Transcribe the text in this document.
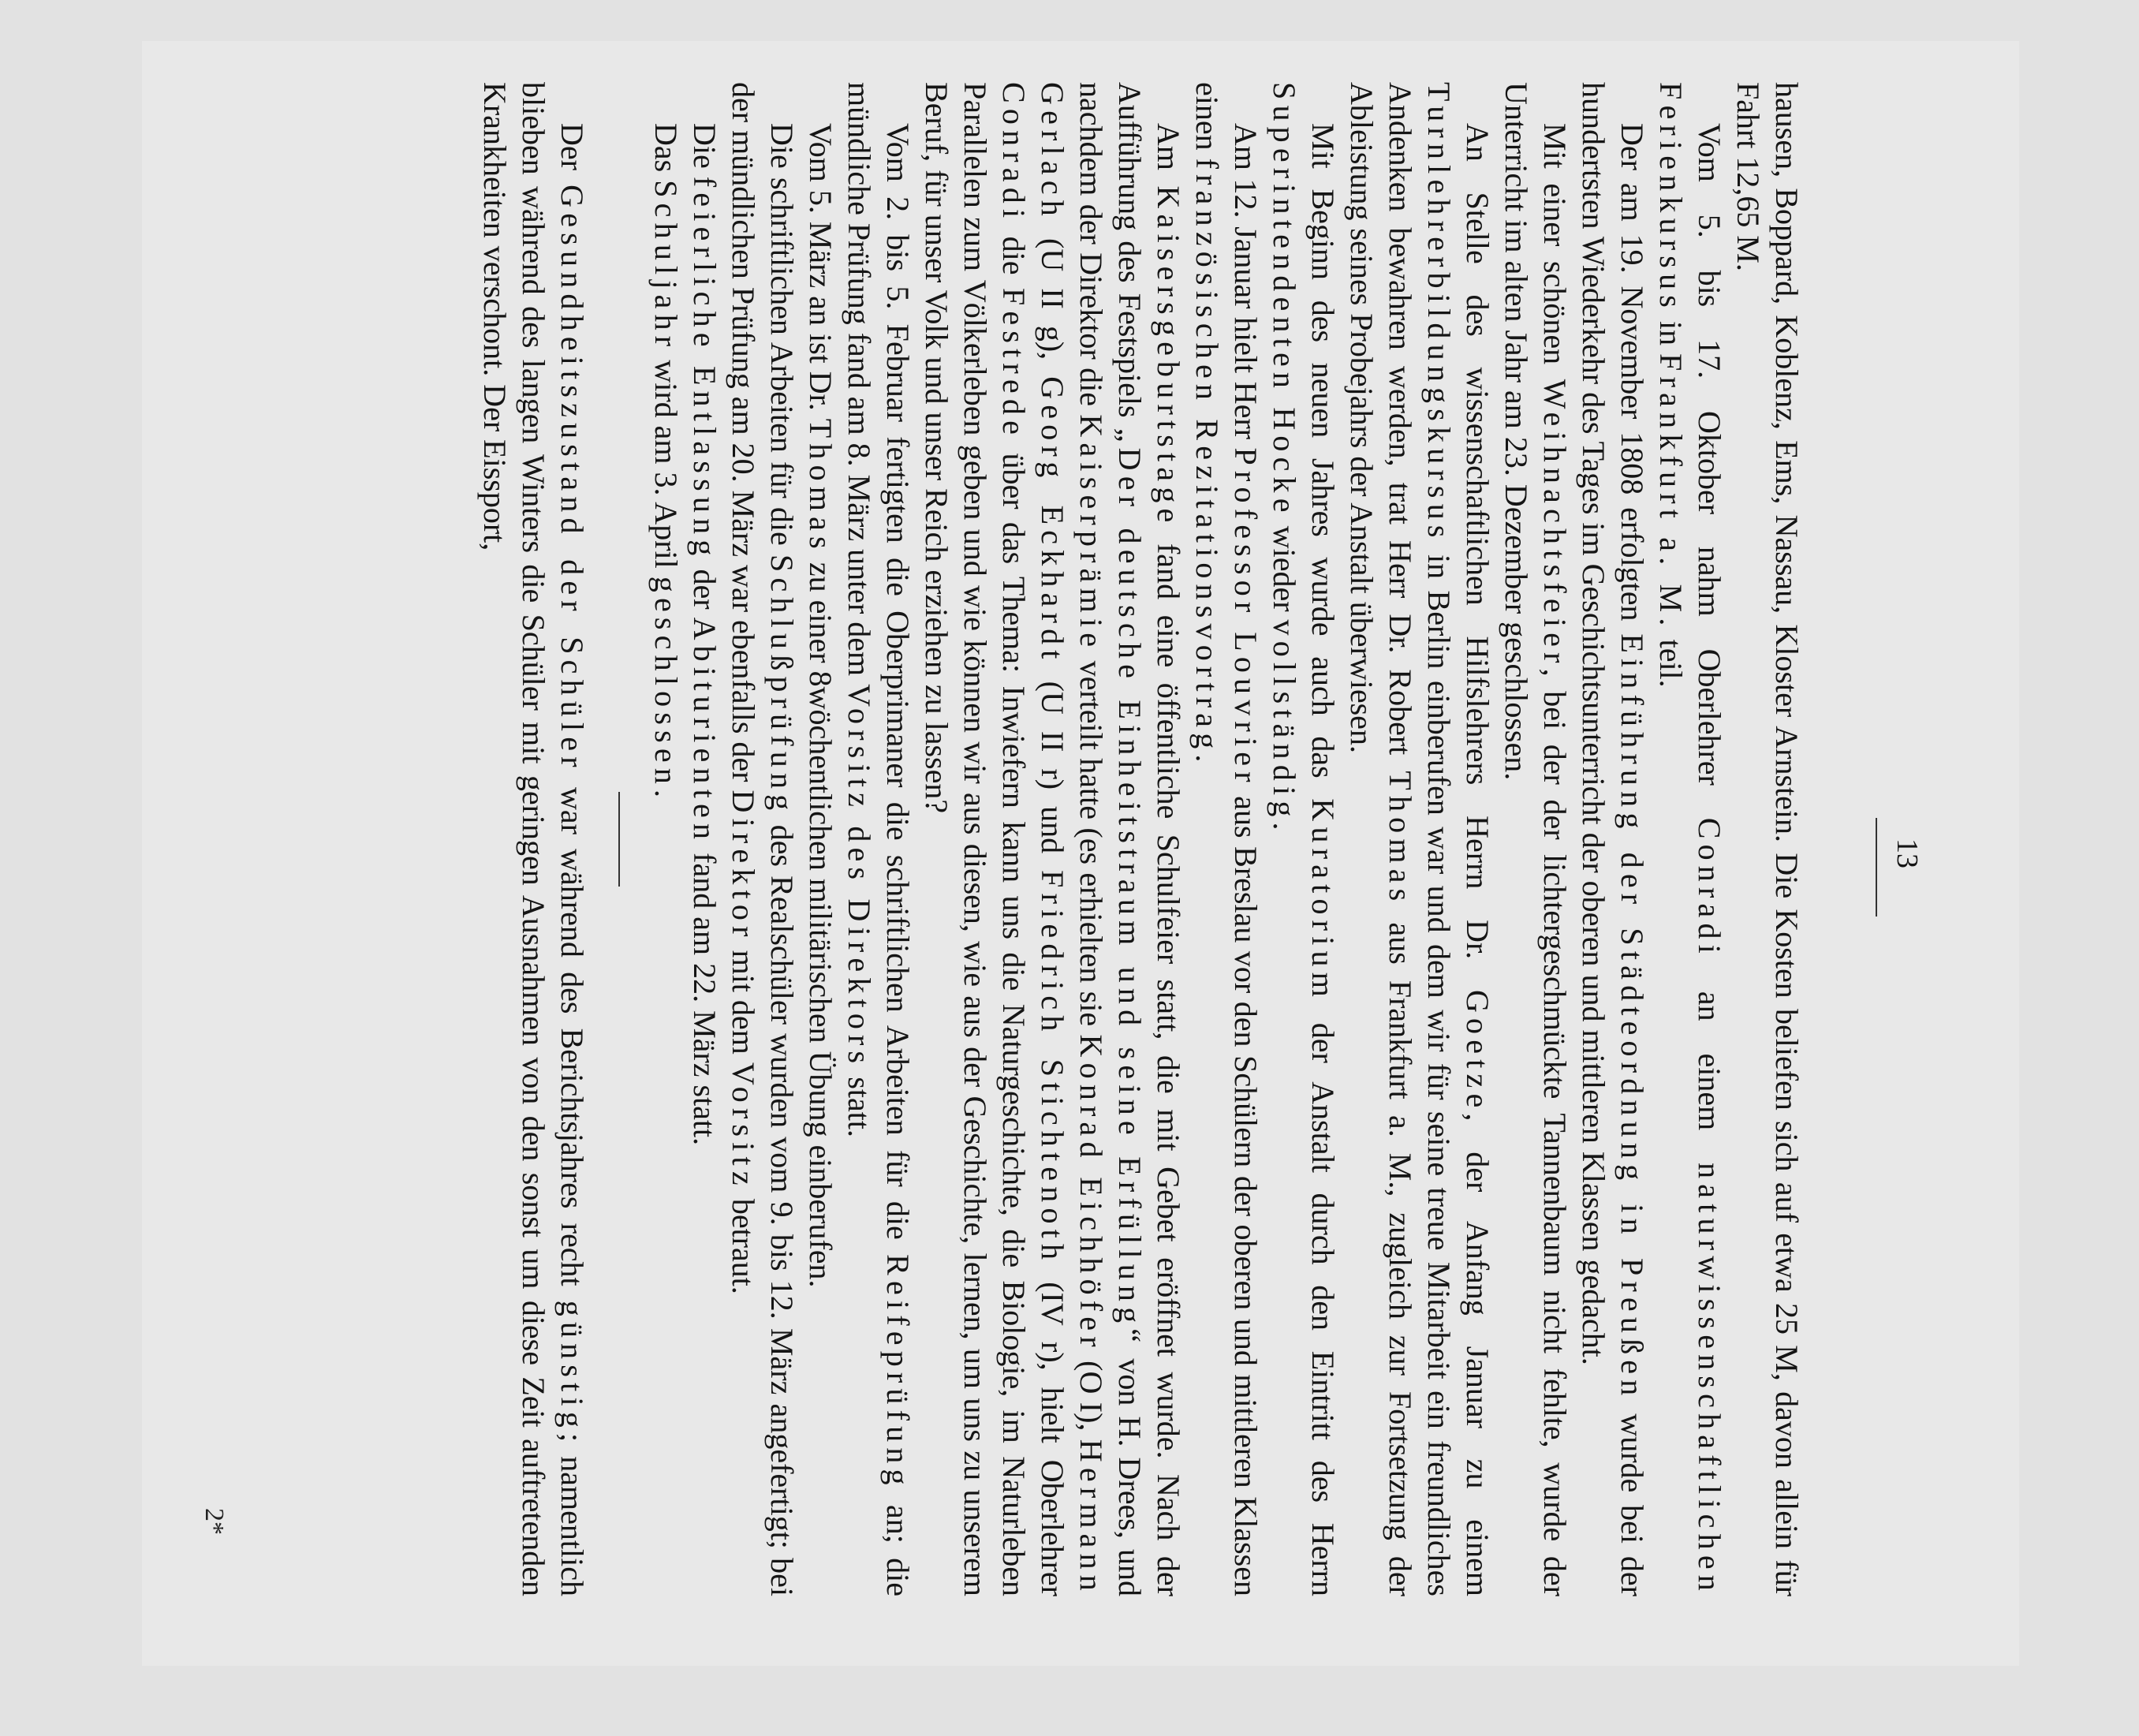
13

hausen, Boppard, Koblenz, Ems, Nassau, Kloster Arnstein. Die Kosten beliefen sich auf etwa 25 M, davon allein für Fahrt 12,65 M.

Vom 5. bis 17. Oktober nahm Oberlehrer Conradi an einem naturwissenschaftlichen Ferienkursus in Frankfurt a. M. teil.

Der am 19. November 1808 erfolgten Einführung der Städteordnung in Preußen wurde bei der hundertsten Wiederkehr des Tages im Geschichtsunterricht der oberen und mittleren Klassen gedacht.

Mit einer schönen Weihnachtsfeier, bei der der lichtergeschmückte Tannenbaum nicht fehlte, wurde der Unterricht im alten Jahr am 23. Dezember geschlossen.

An Stelle des wissenschaftlichen Hilfslehrers Herrn Dr. Goetze, der Anfang Januar zu einem Turnlehrerbildungskursus in Berlin einberufen war und dem wir für seine treue Mitarbeit ein freundliches Andenken bewahren werden, trat Herr Dr. Robert Thomas aus Frankfurt a. M., zugleich zur Fortsetzung der Ableistung seines Probejahrs der Anstalt überwiesen.

Mit Beginn des neuen Jahres wurde auch das Kuratorium der Anstalt durch den Eintritt des Herrn Superintendenten Hocke wieder vollständig.

Am 12. Januar hielt Herr Professor Louvrier aus Breslau vor den Schülern der oberen und mittleren Klassen einen französischen Rezitationsvortrag.

Am Kaisersgeburtstage fand eine öffentliche Schulfeier statt, die mit Gebet eröffnet wurde. Nach der Aufführung des Festspiels „Der deutsche Einheitstraum und seine Erfüllung“ von H. Drees, und nachdem der Direktor die Kaiserprämie verteilt hatte (es erhielten sie Konrad Eichhöfer (O I), Hermann Gerlach (U II g), Georg Eckhardt (U II r) und Friedrich Stichtenoth (IV r), hielt Oberlehrer Conradi die Festrede über das Thema: Inwiefern kann uns die Naturgeschichte, die Biologie, im Naturleben Parallelen zum Völkerleben geben und wie können wir aus diesen, wie aus der Geschichte, lernen, um uns zu unserem Beruf, für unser Volk und unser Reich erziehen zu lassen?

Vom 2. bis 5. Februar fertigten die Oberprimaner die schriftlichen Arbeiten für die Reifeprüfung an; die mündliche Prüfung fand am 8. März unter dem Vorsitz des Direktors statt.

Vom 5. März an ist Dr. Thomas zu einer 8wöchentlichen militärischen Übung einberufen.

Die schriftlichen Arbeiten für die Schlußprüfung des Realschüler wurden vom 9. bis 12. März angefertigt; bei der mündlichen Prüfung am 20. März war ebenfalls der Direktor mit dem Vorsitz betraut.

Die feierliche Entlassung der Abiturienten fand am 22. März statt.

Das Schuljahr wird am 3. April geschlossen.

Der Gesundheitszustand der Schüler war während des Berichtsjahres recht günstig; namentlich blieben während des langen Winters die Schüler mit geringen Ausnahmen von den sonst um diese Zeit auftretenden Krankheiten verschont. Der Eissport,

2*
